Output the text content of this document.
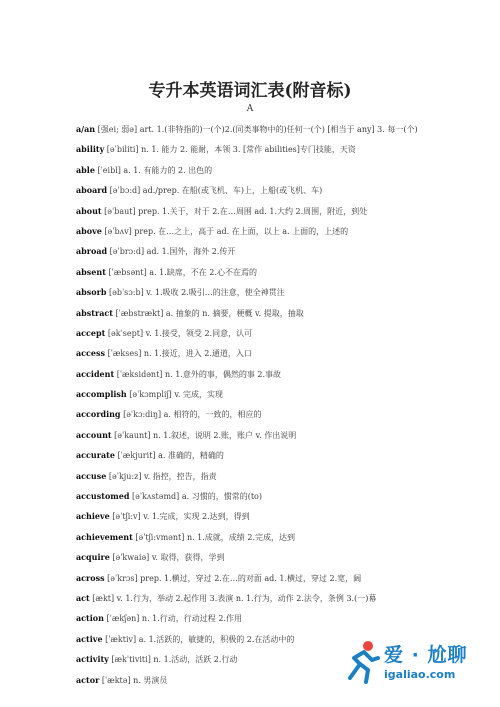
专升本英语词汇表(附音标)
A
a/an [强ei; 弱ə] art. 1.(非特指的)一(个)2.(同类事物中的)任何一(个) [相当于 any] 3. 每一(个)
ability [əˈbiliti] n. 1. 能力 2. 能耐，本领 3. [常作 abilities]专门技能，天资
able [ˈeibl] a. 1. 有能力的 2. 出色的
aboard [əˈbɔ:d] ad./prep. 在船(或飞机、车)上，上船(或飞机、车)
about [əˈbaut] prep. 1.关于，对于 2.在…周围 ad. 1.大约 2.周围，附近，到处
above [əˈbʌv] prep. 在…之上，高于 ad. 在上面，以上 a. 上面的，上述的
abroad [əˈbrɔ:d] ad. 1.国外，海外 2.传开
absent [ˈæbsənt] a. 1.缺席，不在 2.心不在焉的
absorb [əbˈsɔ:b] v. 1.吸收 2.吸引…的注意，使全神贯注
abstract [ˈæbstrækt] a. 抽象的 n. 摘要，梗概 v. 提取，抽取
accept [əkˈsept] v. 1.接受，领受 2.同意，认可
access [ˈækses] n. 1.接近，进入 2.通道，入口
accident [ˈæksidənt] n. 1.意外的事，偶然的事 2.事故
accomplish [əˈkɔmpliʃ] v. 完成，实现
according [əˈkɔ:diŋ] a. 相符的，一致的，相应的
account [əˈkaunt] n. 1.叙述，说明 2.账，账户 v. 作出说明
accurate [ˈækjurit] a. 准确的，精确的
accuse [əˈkju:z] v. 指控，控告，指责
accustomed [əˈkʌstəmd] a. 习惯的，惯常的(to)
achieve [əˈtʃi:v] v. 1.完成，实现 2.达到，得到
achievement [əˈtʃi:vmənt] n. 1.成就，成绩 2.完成，达到
acquire [əˈkwaiə] v. 取得，获得，学到
across [əˈkrɔs] prep. 1.横过，穿过 2.在…的对面 ad. 1.横过，穿过 2.宽，阔
act [ækt] v. 1.行为，举动 2.起作用 3.表演 n. 1.行为，动作 2.法令，条例 3.(一)幕
action [ˈækʃən] n. 1.行动，行动过程 2.作用
active [ˈæktiv] a. 1.活跃的，敏捷的，积极的 2.在活动中的
activity [ækˈtiviti] n. 1.活动，活跃 2.行动
actor [ˈæktə] n. 男演员
爱 · 尬聊
igaliao.com
